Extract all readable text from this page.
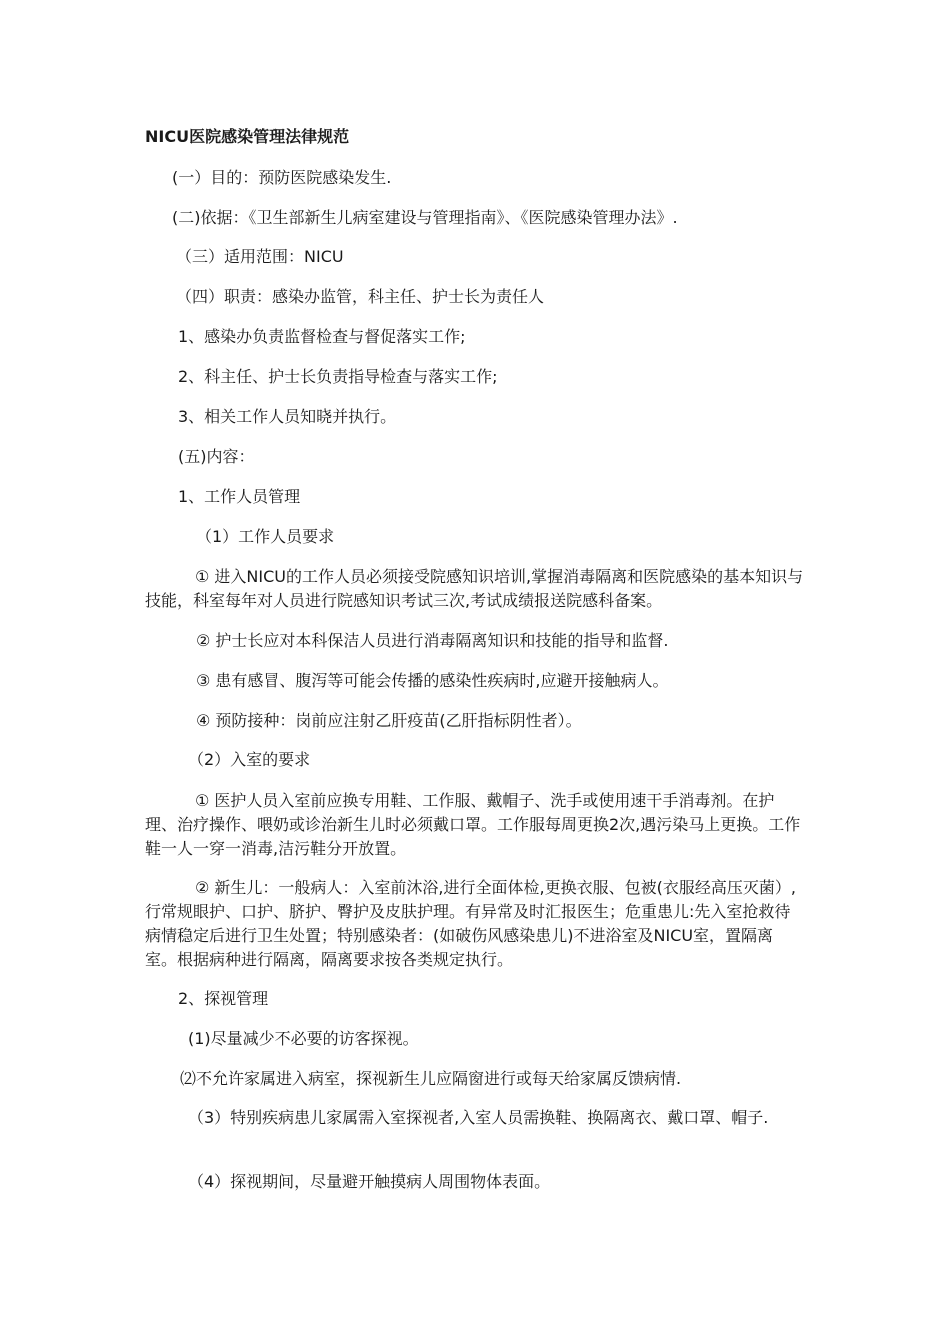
NICU医院感染管理法律规范
(一）目的：预防医院感染发生.
(二)依据：《卫生部新生儿病室建设与管理指南》、《医院感染管理办法》.
（三）适用范围：NICU
（四）职责：感染办监管，科主任、护士长为责任人
1、感染办负责监督检查与督促落实工作;
2、科主任、护士长负责指导检查与落实工作;
3、相关工作人员知晓并执行。
(五)内容：
1、工作人员管理
（1）工作人员要求
① 进入NICU的工作人员必须接受院感知识培训,掌握消毒隔离和医院感染的基本知识与技能，科室每年对人员进行院感知识考试三次,考试成绩报送院感科备案。
② 护士长应对本科保洁人员进行消毒隔离知识和技能的指导和监督.
③ 患有感冒、腹泻等可能会传播的感染性疾病时,应避开接触病人。
④ 预防接种：岗前应注射乙肝疫苗(乙肝指标阴性者）。
（2）入室的要求
① 医护人员入室前应换专用鞋、工作服、戴帽子、洗手或使用速干手消毒剂。在护理、治疗操作、喂奶或诊治新生儿时必须戴口罩。工作服每周更换2次,遇污染马上更换。工作鞋一人一穿一消毒,洁污鞋分开放置。
② 新生儿：一般病人：入室前沐浴,进行全面体检,更换衣服、包被(衣服经高压灭菌）,行常规眼护、口护、脐护、臀护及皮肤护理。有异常及时汇报医生；危重患儿:先入室抢救待病情稳定后进行卫生处置；特别感染者：(如破伤风感染患儿)不进浴室及NICU室，置隔离室。根据病种进行隔离，隔离要求按各类规定执行。
2、探视管理
(1)尽量减少不必要的访客探视。
⑵不允许家属进入病室，探视新生儿应隔窗进行或每天给家属反馈病情.
（3）特别疾病患儿家属需入室探视者,入室人员需换鞋、换隔离衣、戴口罩、帽子.
（4）探视期间，尽量避开触摸病人周围物体表面。
